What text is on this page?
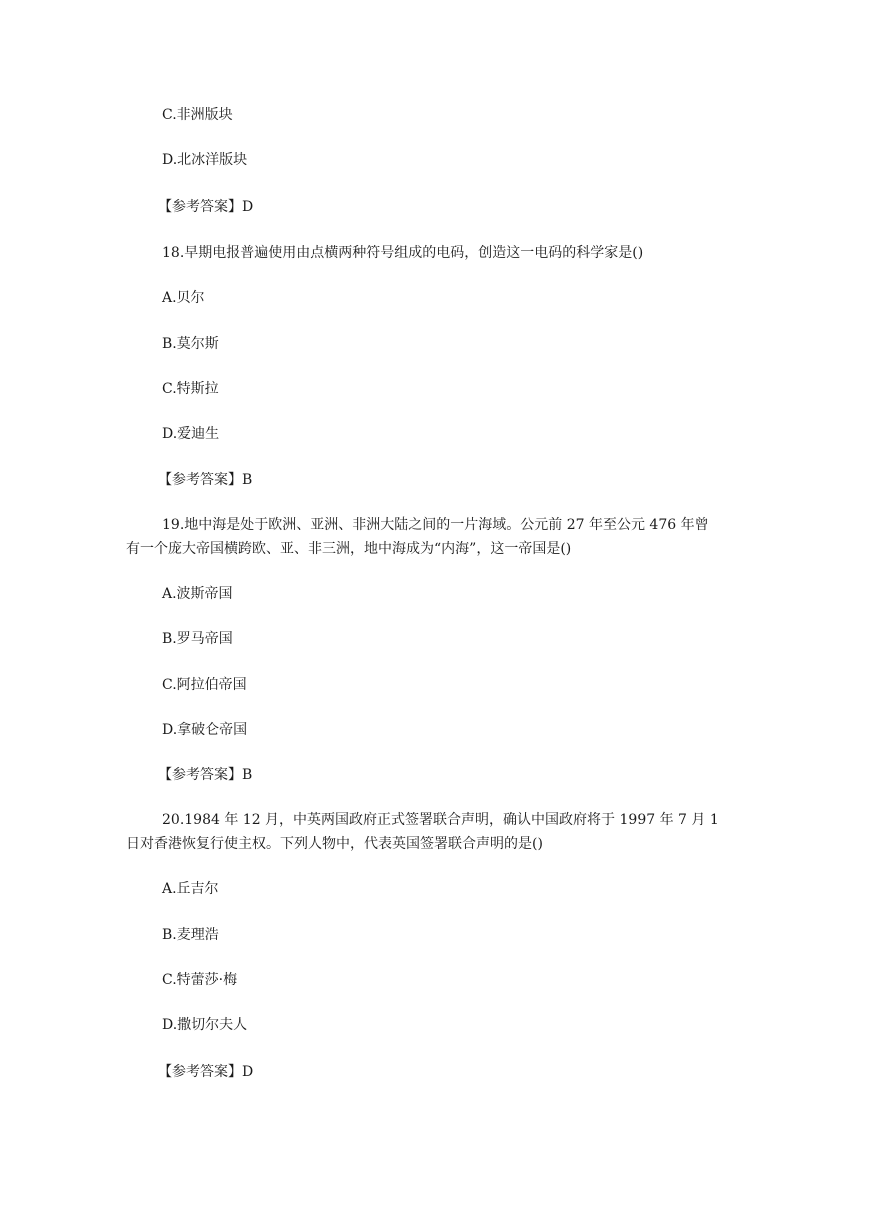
C.非洲版块
D.北冰洋版块
【参考答案】D
18.早期电报普遍使用由点横两种符号组成的电码，创造这一电码的科学家是()
A.贝尔
B.莫尔斯
C.特斯拉
D.爱迪生
【参考答案】B
19.地中海是处于欧洲、亚洲、非洲大陆之间的一片海域。公元前 27 年至公元 476 年曾
有一个庞大帝国横跨欧、亚、非三洲，地中海成为“内海”，这一帝国是()
A.波斯帝国
B.罗马帝国
C.阿拉伯帝国
D.拿破仑帝国
【参考答案】B
20.1984 年 12 月，中英两国政府正式签署联合声明，确认中国政府将于 1997 年 7 月 1
日对香港恢复行使主权。下列人物中，代表英国签署联合声明的是()
A.丘吉尔
B.麦理浩
C.特蕾莎·梅
D.撒切尔夫人
【参考答案】D
